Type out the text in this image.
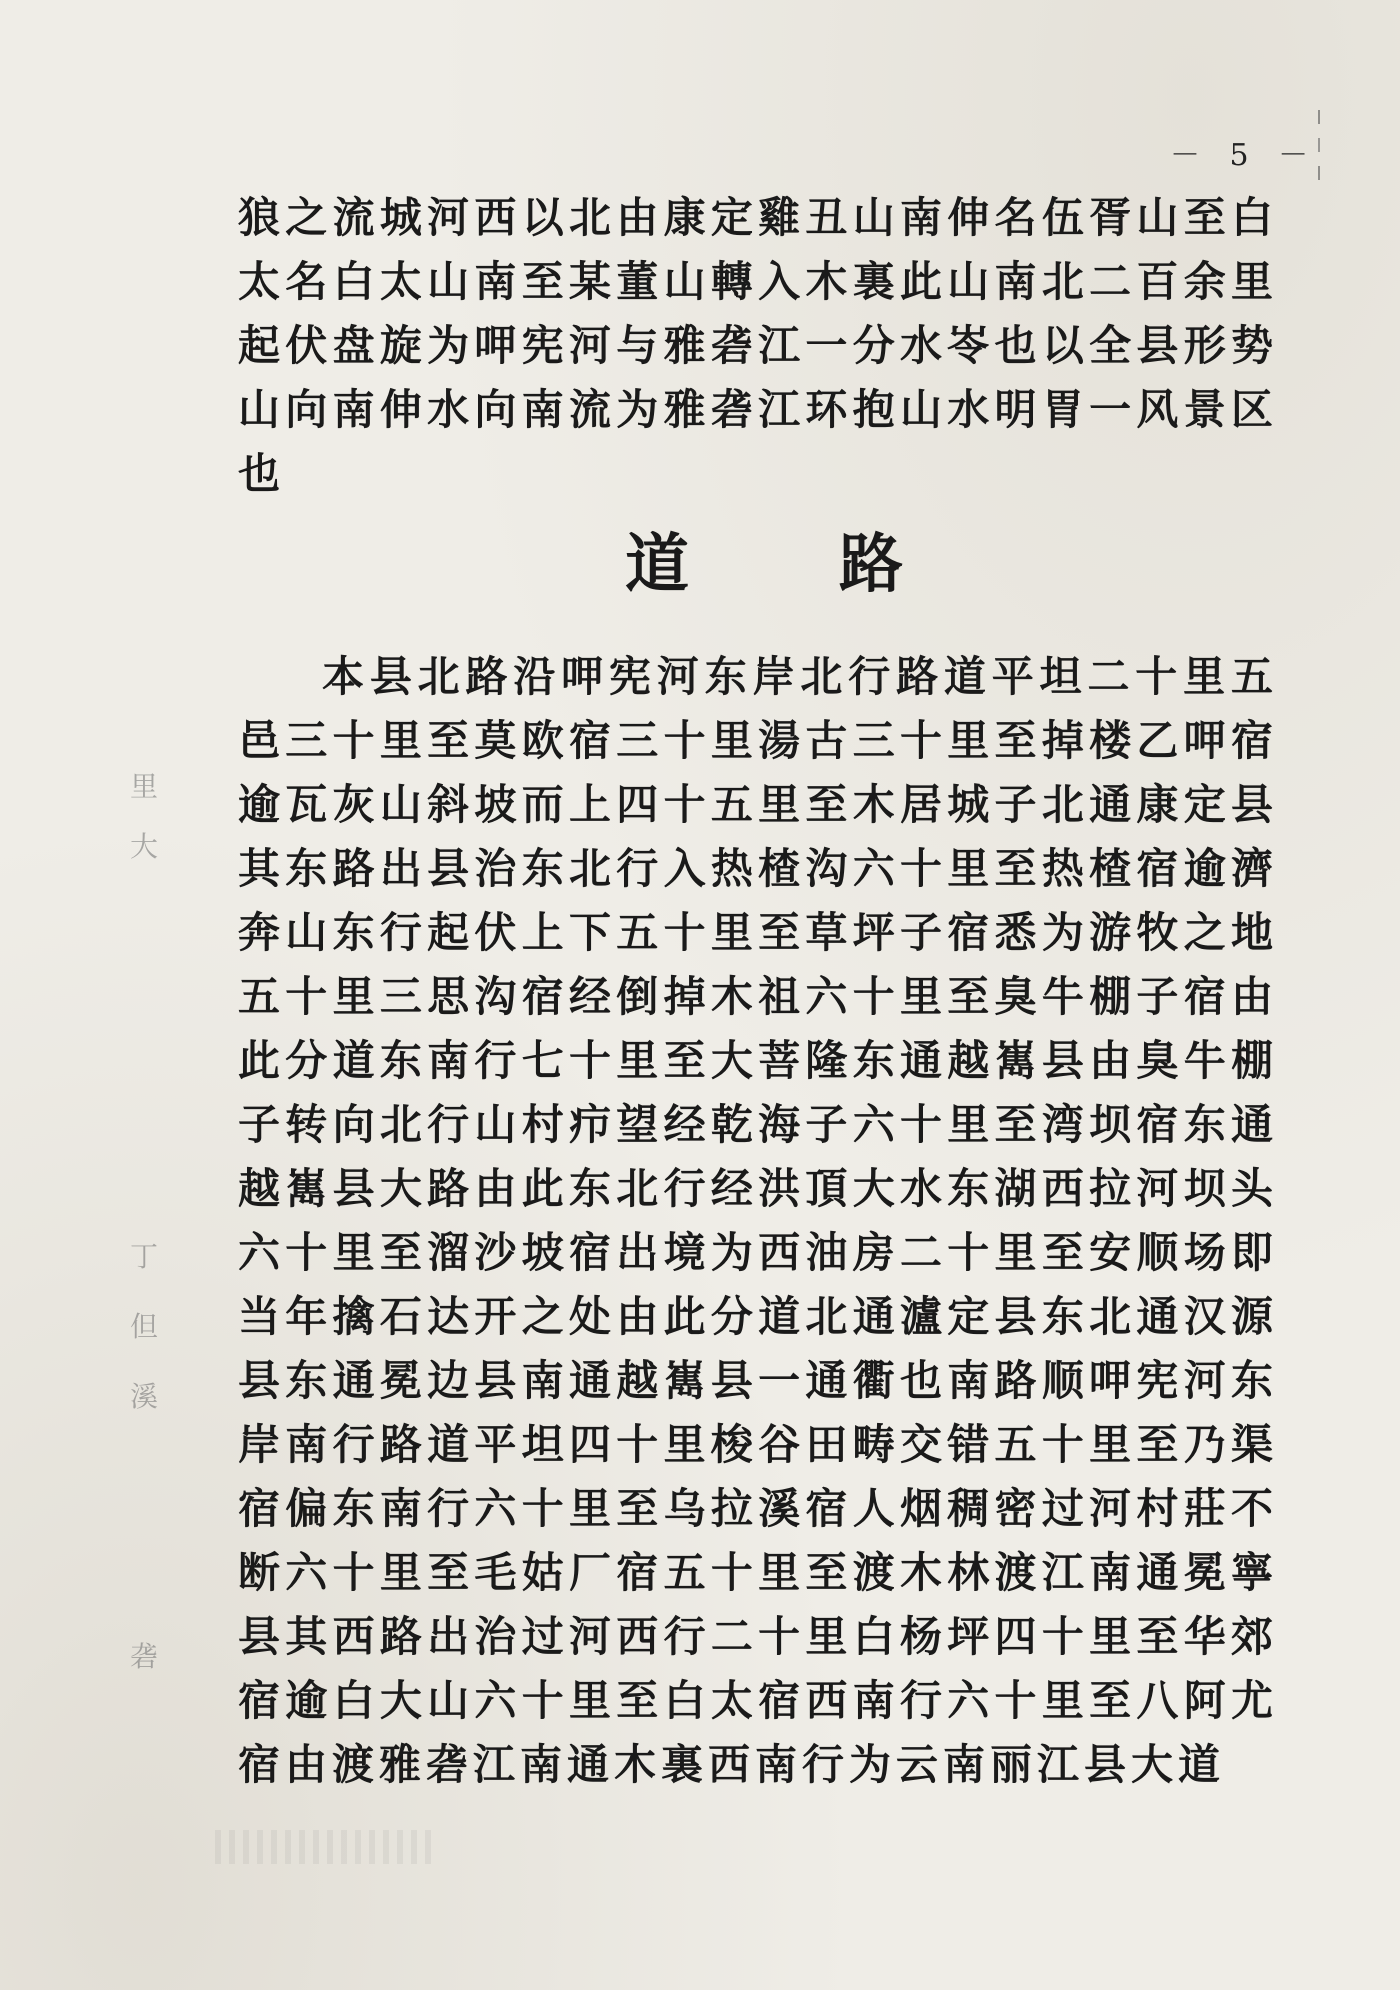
－ 5 －

狼之流城河西以北由康定雞丑山南伸名伍胥山至白太名白太山南至某董山轉入木裏此山南北二百余里起伏盘旋为呷宪河与雅砻江一分水岺也以全县形势山向南伸水向南流为雅砻江环抱山水明胃一风景区也

道路

本县北路沿呷宪河东岸北行路道平坦二十里五邑三十里至莫欧宿三十里湯古三十里至掉楼乙呷宿逾瓦灰山斜坡而上四十五里至木居城子北通康定县其东路出县治东北行入热楂沟六十里至热楂宿逾濟奔山东行起伏上下五十里至草坪子宿悉为游牧之地五十里三思沟宿经倒掉木祖六十里至臭牛棚子宿由此分道东南行七十里至大菩隆东通越嶲县由臭牛棚子转向北行山村疖望经乾海子六十里至湾坝宿东通越嶲县大路由此东北行经洪頂大水东湖西拉河坝头六十里至溜沙坡宿出境为西油房二十里至安顺场即当年擒石达开之处由此分道北通瀘定县东北通汉源县东通冕边县南通越嶲县一通衢也南路顺呷宪河东岸南行路道平坦四十里梭谷田畴交错五十里至乃渠宿偏东南行六十里至乌拉溪宿人烟稠密过河村莊不断六十里至毛姑厂宿五十里至渡木林渡江南通冕寧县其西路出治过河西行二十里白杨坪四十里至华郊宿逾白大山六十里至白太宿西南行六十里至八阿尤宿由渡雅砻江南通木裏西南行为云南丽江县大道

里
大
丁
但
溪
砻
